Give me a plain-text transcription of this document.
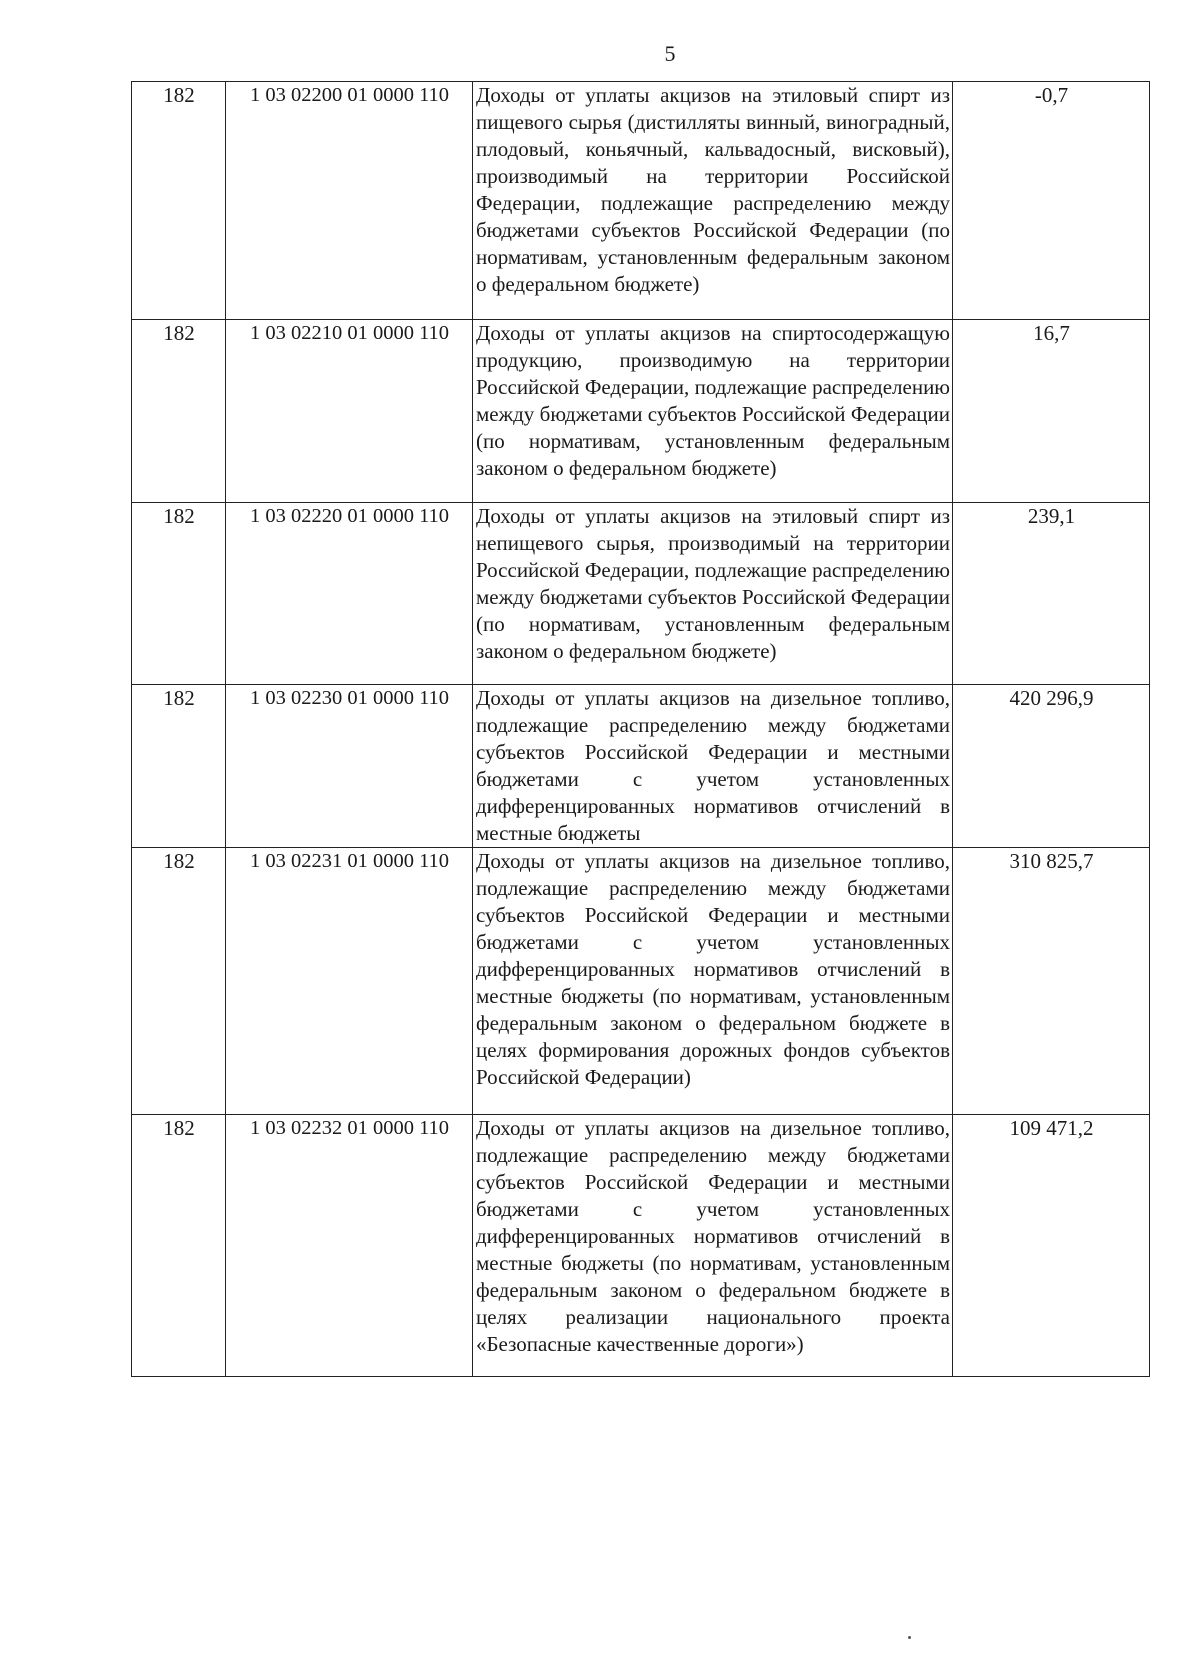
5
182	1 03 02200 01 0000 110	Доходы от уплаты акцизов на этиловый спирт из пищевого сырья (дистилляты винный, виноградный, плодовый, коньячный, кальвадосный, висковый), производимый на территории Российской Федерации, подлежащие распределению между бюджетами субъектов Российской Федерации (по нормативам, установленным федеральным законом о федеральном бюджете)	-0,7
182	1 03 02210 01 0000 110	Доходы от уплаты акцизов на спиртосодержащую продукцию, производимую на территории Российской Федерации, подлежащие распределению между бюджетами субъектов Российской Федерации (по нормативам, установленным федеральным законом о федеральном бюджете)	16,7
182	1 03 02220 01 0000 110	Доходы от уплаты акцизов на этиловый спирт из непищевого сырья, производимый на территории Российской Федерации, подлежащие распределению между бюджетами субъектов Российской Федерации (по нормативам, установленным федеральным законом о федеральном бюджете)	239,1
182	1 03 02230 01 0000 110	Доходы от уплаты акцизов на дизельное топливо, подлежащие распределению между бюджетами субъектов Российской Федерации и местными бюджетами с учетом установленных дифференцированных нормативов отчислений в местные бюджеты	420 296,9
182	1 03 02231 01 0000 110	Доходы от уплаты акцизов на дизельное топливо, подлежащие распределению между бюджетами субъектов Российской Федерации и местными бюджетами с учетом установленных дифференцированных нормативов отчислений в местные бюджеты (по нормативам, установленным федеральным законом о федеральном бюджете в целях формирования дорожных фондов субъектов Российской Федерации)	310 825,7
182	1 03 02232 01 0000 110	Доходы от уплаты акцизов на дизельное топливо, подлежащие распределению между бюджетами субъектов Российской Федерации и местными бюджетами с учетом установленных дифференцированных нормативов отчислений в местные бюджеты (по нормативам, установленным федеральным законом о федеральном бюджете в целях реализации национального проекта «Безопасные качественные дороги»)	109 471,2
